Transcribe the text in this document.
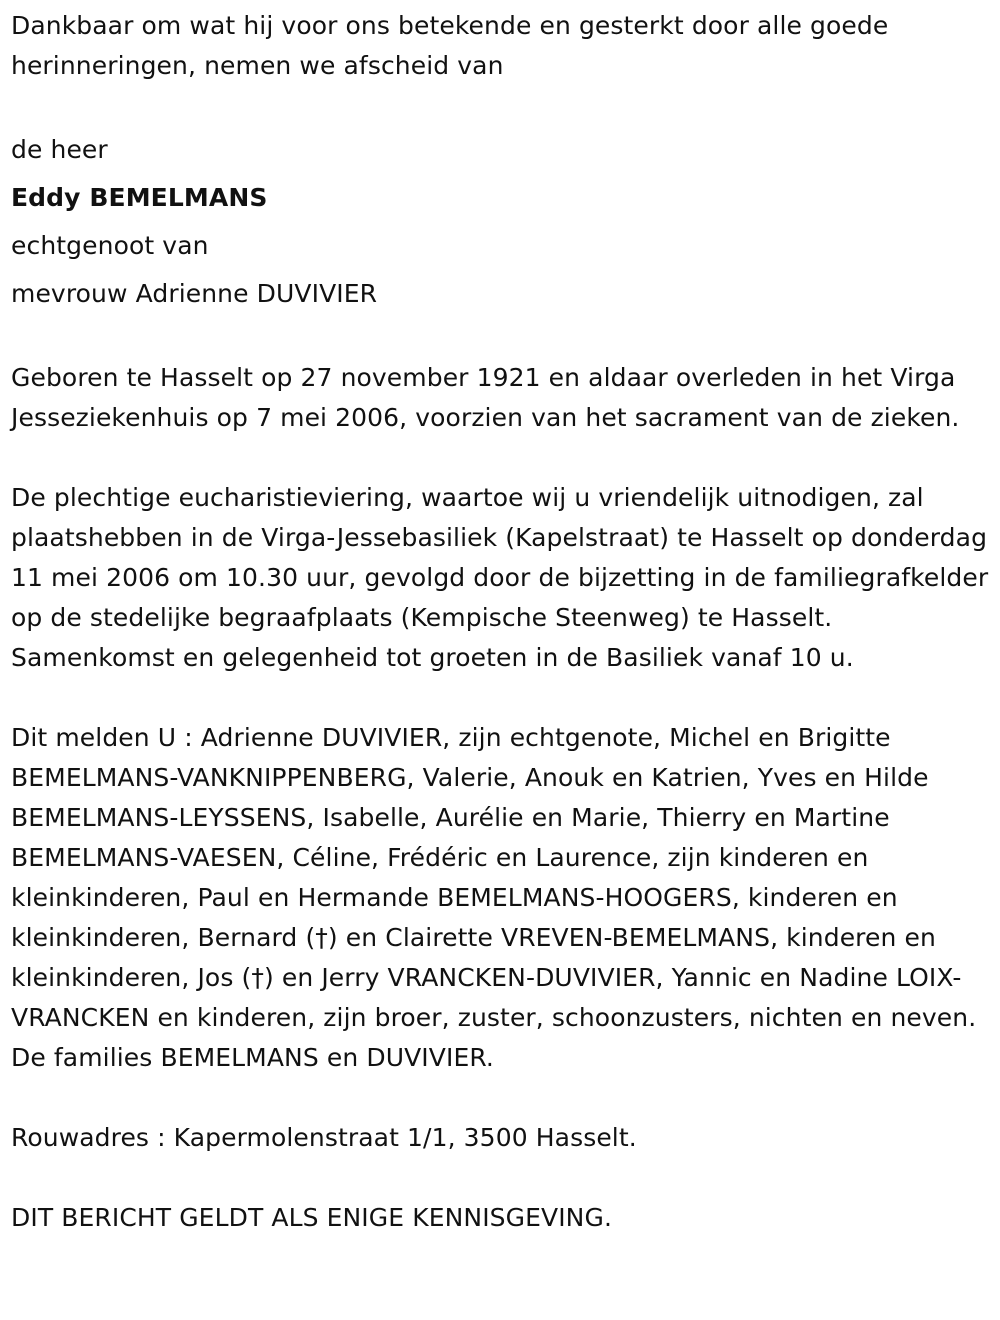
Dankbaar om wat hij voor ons betekende en gesterkt door alle goede herinneringen, nemen we afscheid van

de heer

Eddy BEMELMANS

echtgenoot van

mevrouw Adrienne DUVIVIER

Geboren te Hasselt op 27 november 1921 en aldaar overleden in het Virga Jesseziekenhuis op 7 mei 2006, voorzien van het sacrament van de zieken.

De plechtige eucharistieviering, waartoe wij u vriendelijk uitnodigen, zal plaatshebben in de Virga-Jessebasiliek (Kapelstraat) te Hasselt op donderdag 11 mei 2006 om 10.30 uur, gevolgd door de bijzetting in de familiegrafkelder op de stedelijke begraafplaats (Kempische Steenweg) te Hasselt. Samenkomst en gelegenheid tot groeten in de Basiliek vanaf 10 u.

Dit melden U : Adrienne DUVIVIER, zijn echtgenote, Michel en Brigitte BEMELMANS-VANKNIPPENBERG, Valerie, Anouk en Katrien, Yves en Hilde BEMELMANS-LEYSSENS, Isabelle, Aurélie en Marie, Thierry en Martine BEMELMANS-VAESEN, Céline, Frédéric en Laurence, zijn kinderen en kleinkinderen, Paul en Hermande BEMELMANS-HOOGERS, kinderen en kleinkinderen, Bernard (†) en Clairette VREVEN-BEMELMANS, kinderen en kleinkinderen, Jos (†) en Jerry VRANCKEN-DUVIVIER, Yannic en Nadine LOIX-VRANCKEN en kinderen, zijn broer, zuster, schoonzusters, nichten en neven. De families BEMELMANS en DUVIVIER.

Rouwadres : Kapermolenstraat 1/1, 3500 Hasselt.

DIT BERICHT GELDT ALS ENIGE KENNISGEVING.
